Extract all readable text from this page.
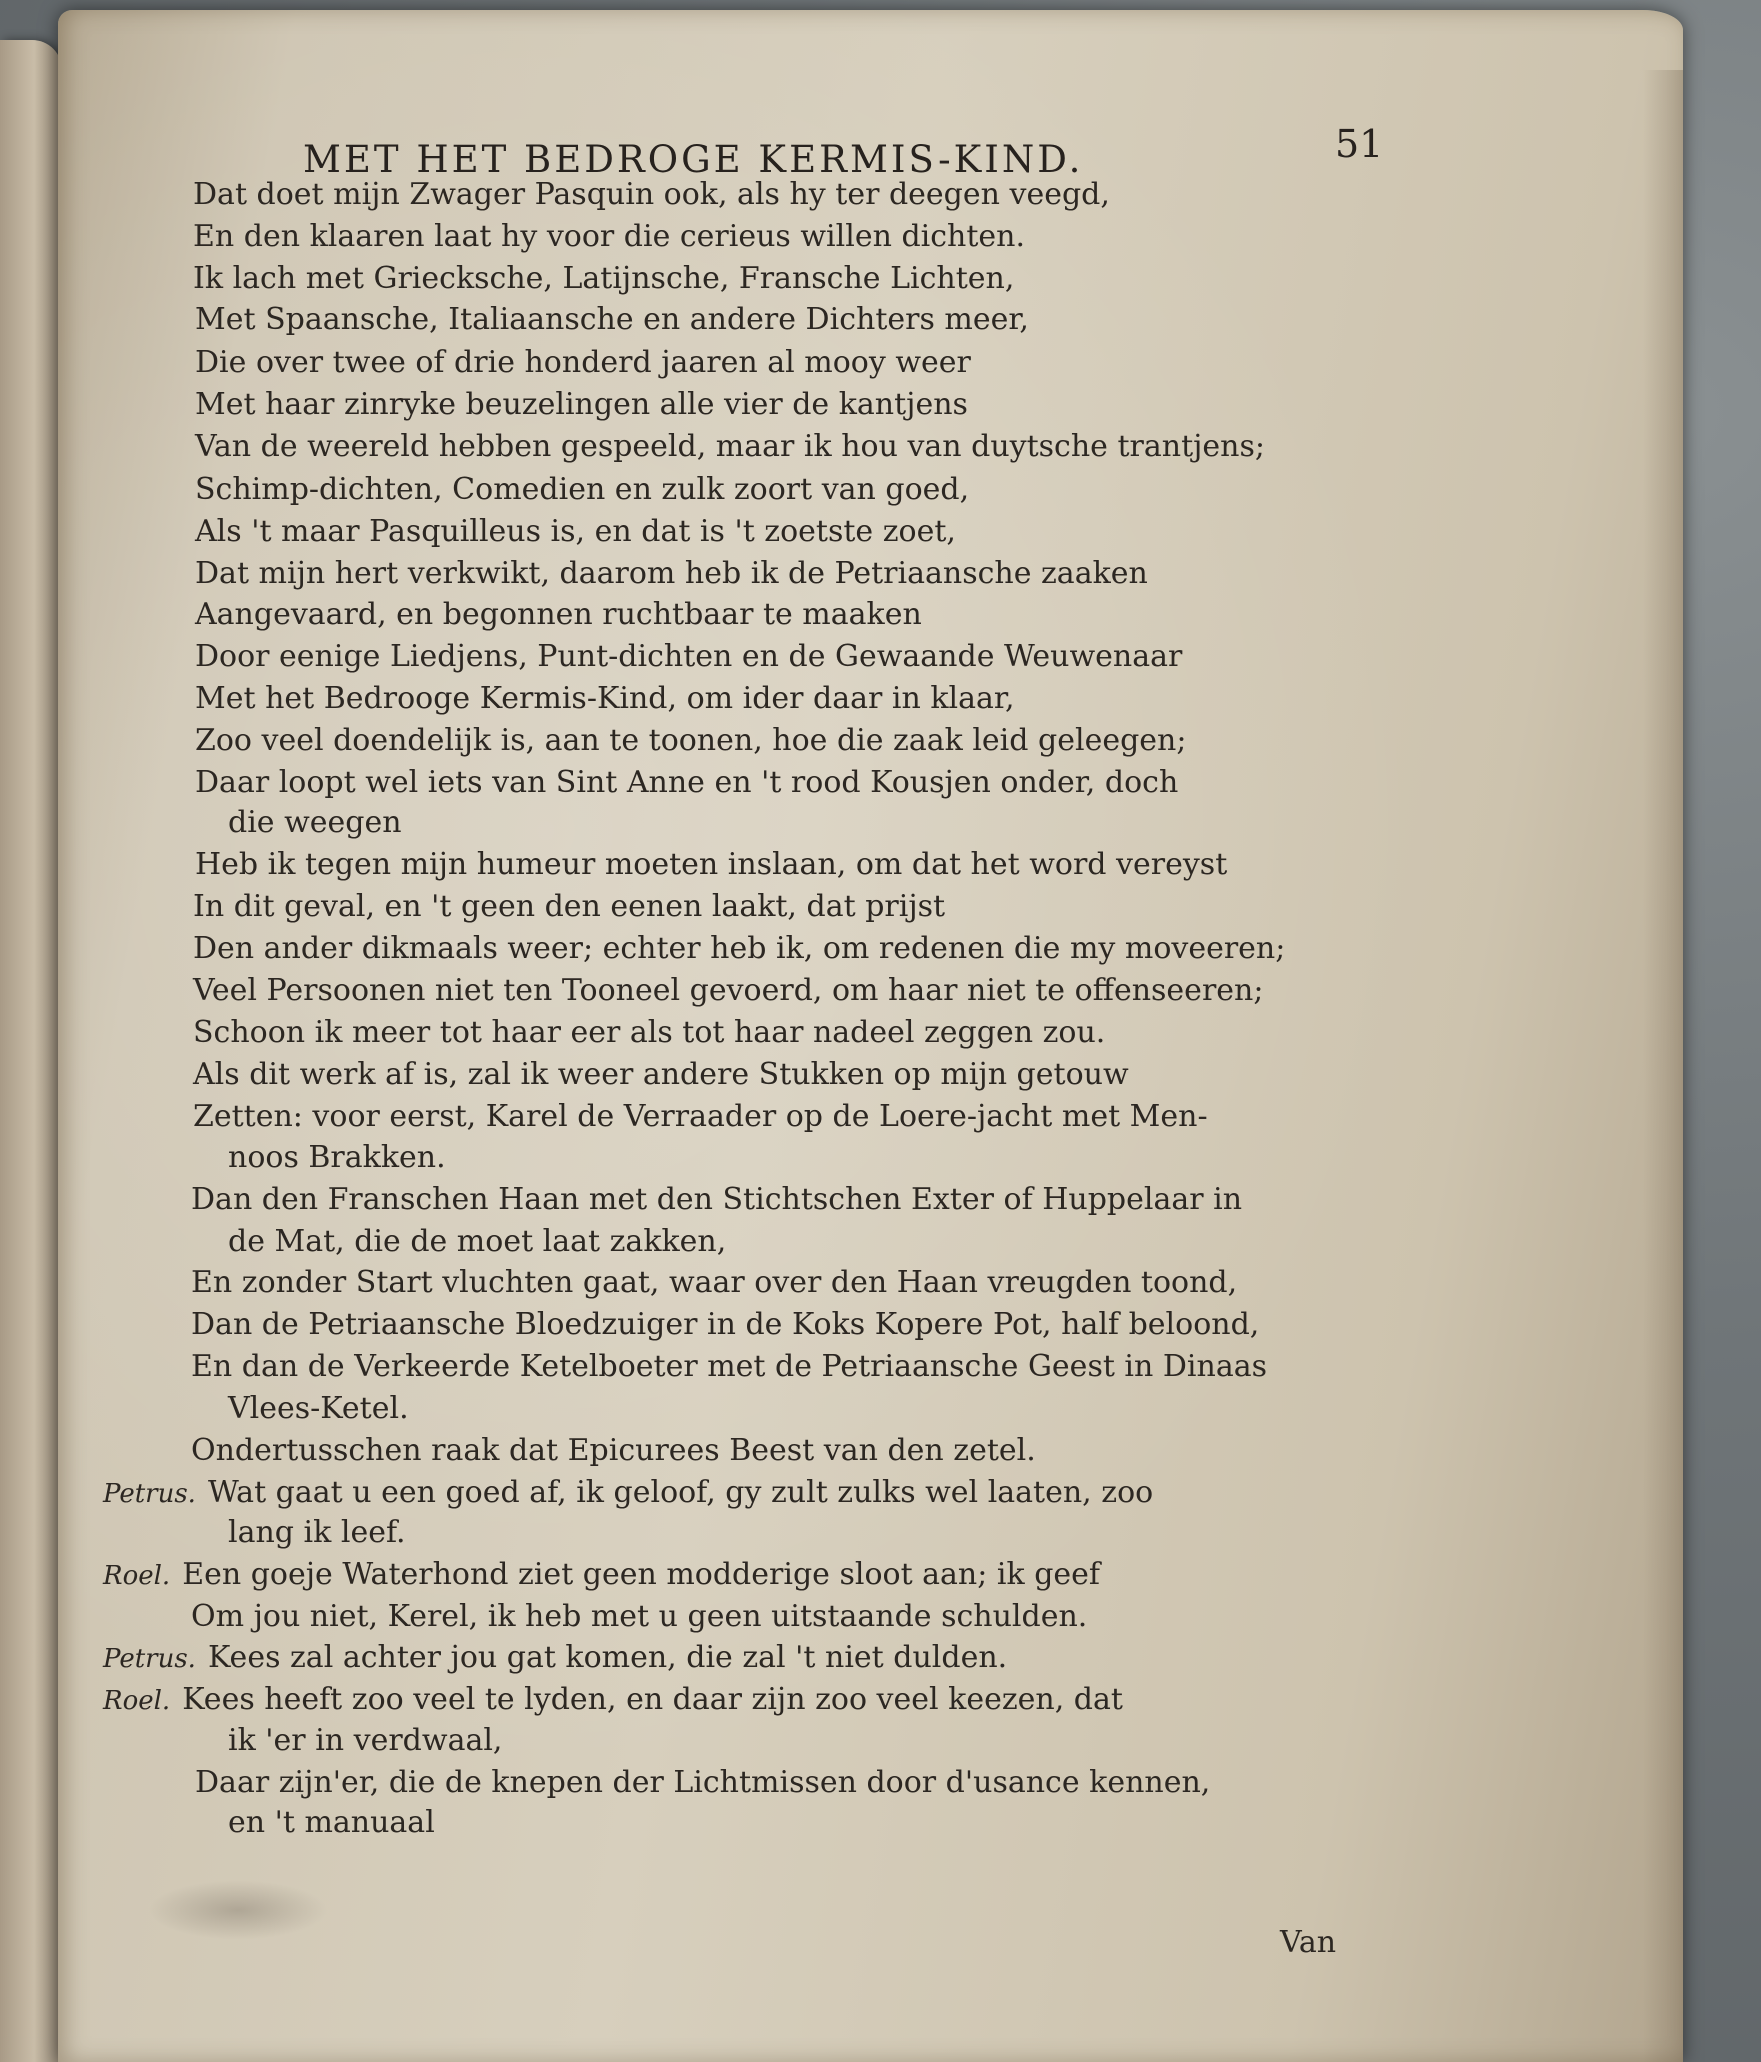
MET HET BEDROGE KERMIS-KIND.	51
Dat doet mijn Zwager Pasquin ook, als hy ter deegen veegd,
En den klaaren laat hy voor die cerieus willen dichten.
Ik lach met Griecksche, Latijnsche, Fransche Lichten,
Met Spaansche, Italiaansche en andere Dichters meer,
Die over twee of drie honderd jaaren al mooy weer
Met haar zinryke beuzelingen alle vier de kantjens
Van de weereld hebben gespeeld, maar ik hou van duytsche trantjens;
Schimp-dichten, Comedien en zulk zoort van goed,
Als 't maar Pasquilleus is, en dat is 't zoetste zoet,
Dat mijn hert verkwikt, daarom heb ik de Petriaansche zaaken
Aangevaard, en begonnen ruchtbaar te maaken
Door eenige Liedjens, Punt-dichten en de Gewaande Weuwenaar
Met het Bedrooge Kermis-Kind, om ider daar in klaar,
Zoo veel doendelijk is, aan te toonen, hoe die zaak leid geleegen;
Daar loopt wel iets van Sint Anne en 't rood Kousjen onder, doch
die weegen
Heb ik tegen mijn humeur moeten inslaan, om dat het word vereyst
In dit geval, en 't geen den eenen laakt, dat prijst
Den ander dikmaals weer; echter heb ik, om redenen die my moveeren;
Veel Persoonen niet ten Tooneel gevoerd, om haar niet te offenseeren;
Schoon ik meer tot haar eer als tot haar nadeel zeggen zou.
Als dit werk af is, zal ik weer andere Stukken op mijn getouw
Zetten: voor eerst, Karel de Verraader op de Loere-jacht met Men-
noos Brakken.
Dan den Franschen Haan met den Stichtschen Exter of Huppelaar in
de Mat, die de moet laat zakken,
En zonder Start vluchten gaat, waar over den Haan vreugden toond,
Dan de Petriaansche Bloedzuiger in de Koks Kopere Pot, half beloond,
En dan de Verkeerde Ketelboeter met de Petriaansche Geest in Dinaas
Vlees-Ketel.
Ondertusschen raak dat Epicurees Beest van den zetel.
Petrus. Wat gaat u een goed af, ik geloof, gy zult zulks wel laaten, zoo
lang ik leef.
Roel. Een goeje Waterhond ziet geen modderige sloot aan; ik geef
Om jou niet, Kerel, ik heb met u geen uitstaande schulden.
Petrus. Kees zal achter jou gat komen, die zal 't niet dulden.
Roel. Kees heeft zoo veel te lyden, en daar zijn zoo veel keezen, dat
ik 'er in verdwaal,
Daar zijn'er, die de knepen der Lichtmissen door d'usance kennen,
en 't manuaal
Van
